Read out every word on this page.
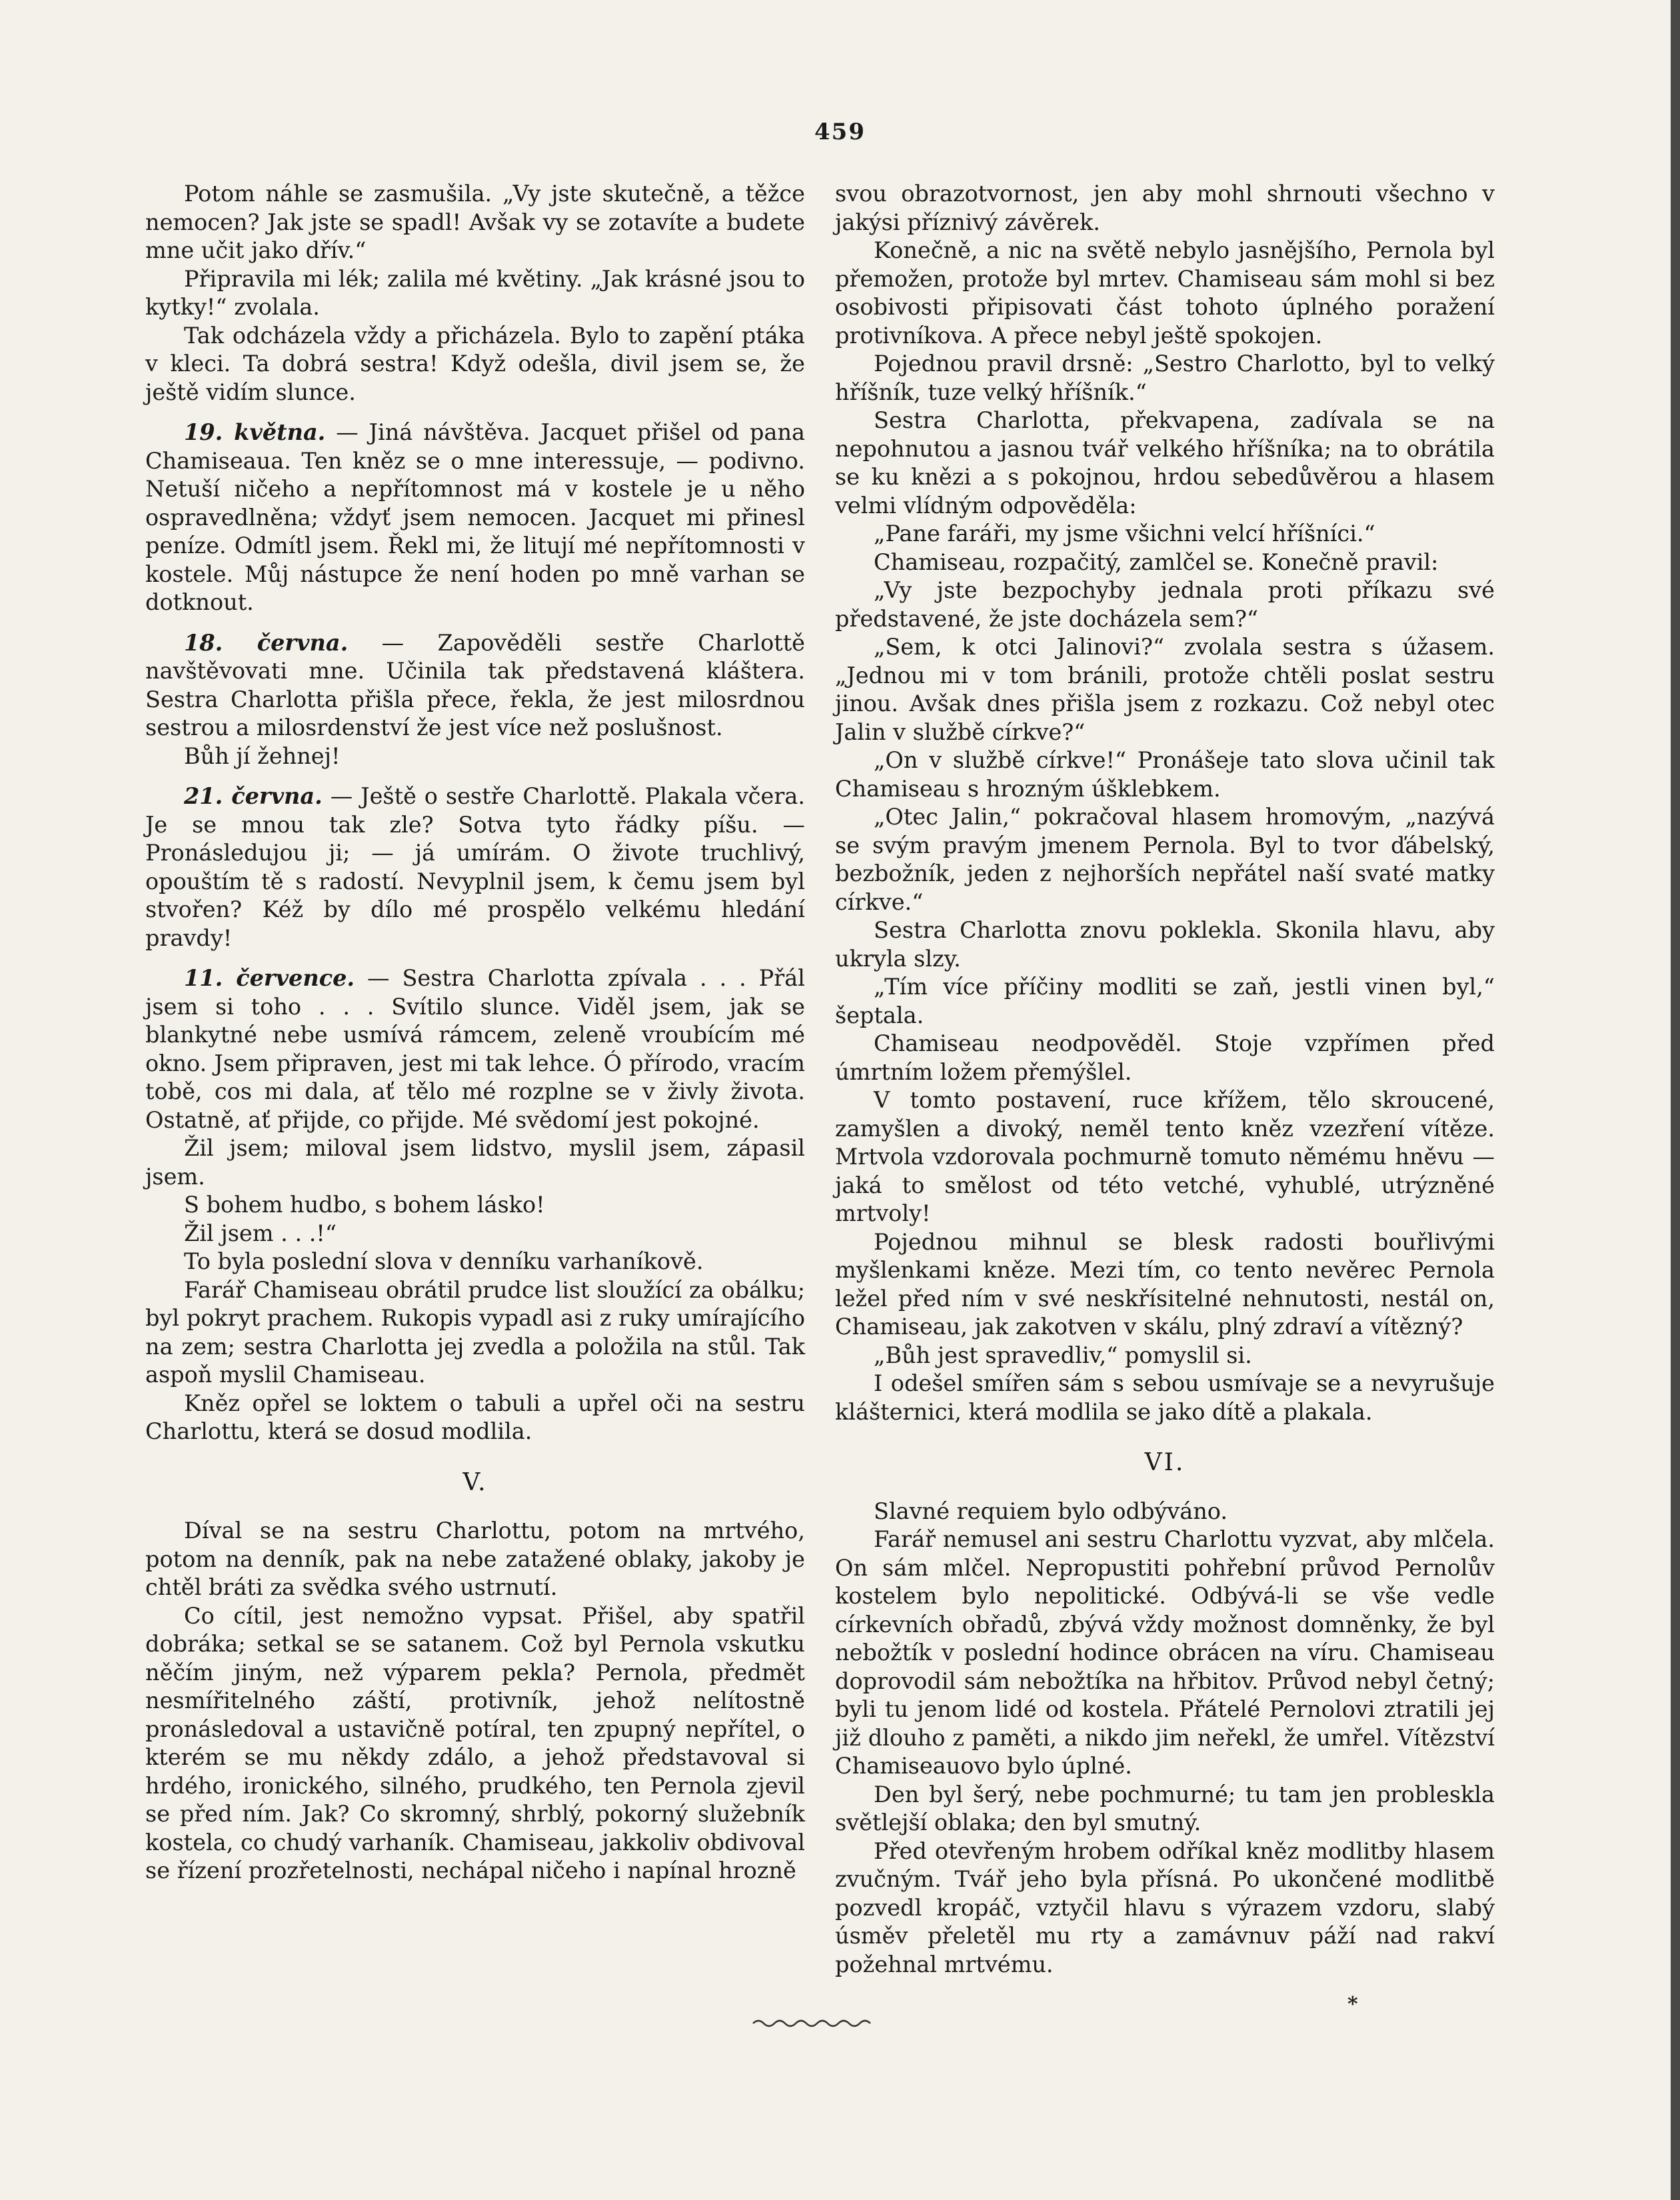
459

Potom náhle se zasmušila. „Vy jste skutečně, a těžce nemocen? Jak jste se spadl! Avšak vy se zotavíte a budete mne učit jako dřív.“

Připravila mi lék; zalila mé květiny. „Jak krásné jsou to kytky!“ zvolala.

Tak odcházela vždy a přicházela. Bylo to zapění ptáka v kleci. Ta dobrá sestra! Když odešla, divil jsem se, že ještě vidím slunce.

19. května. — Jiná návštěva. Jacquet přišel od pana Chamiseaua. Ten kněz se o mne interessuje, — podivno. Netuší ničeho a nepřítomnost má v kostele je u něho ospravedlněna; vždyť jsem nemocen. Jacquet mi přinesl peníze. Odmítl jsem. Řekl mi, že litují mé nepřítomnosti v kostele. Můj nástupce že není hoden po mně varhan se dotknout.

18. června. — Zapověděli sestře Charlottě navštěvovati mne. Učinila tak představená kláštera. Sestra Charlotta přišla přece, řekla, že jest milosrdnou sestrou a milosrdenství že jest více než poslušnost.

Bůh jí žehnej!

21. června. — Ještě o sestře Charlottě. Plakala včera. Je se mnou tak zle? Sotva tyto řádky píšu. — Pronásledujou ji; — já umírám. O živote truchlivý, opouštím tě s radostí. Nevyplnil jsem, k čemu jsem byl stvořen? Kéž by dílo mé prospělo velkému hledání pravdy!

11. července. — Sestra Charlotta zpívala . . . Přál jsem si toho . . . Svítilo slunce. Viděl jsem, jak se blankytné nebe usmívá rámcem, zeleně vroubícím mé okno. Jsem připraven, jest mi tak lehce. Ó přírodo, vracím tobě, cos mi dala, ať tělo mé rozplne se v živly života. Ostatně, ať přijde, co přijde. Mé svědomí jest pokojné.

Žil jsem; miloval jsem lidstvo, myslil jsem, zápasil jsem.

S bohem hudbo, s bohem lásko!

Žil jsem . . .!“

To byla poslední slova v denníku varhaníkově.

Farář Chamiseau obrátil prudce list sloužící za obálku; byl pokryt prachem. Rukopis vypadl asi z ruky umírajícího na zem; sestra Charlotta jej zvedla a položila na stůl. Tak aspoň myslil Chamiseau.

Kněz opřel se loktem o tabuli a upřel oči na sestru Charlottu, která se dosud modlila.

V.

Díval se na sestru Charlottu, potom na mrtvého, potom na denník, pak na nebe zatažené oblaky, jakoby je chtěl bráti za svědka svého ustrnutí.

Co cítil, jest nemožno vypsat. Přišel, aby spatřil dobráka; setkal se se satanem. Což byl Pernola vskutku něčím jiným, než výparem pekla? Pernola, předmět nesmířitelného záští, protivník, jehož nelítostně pronásledoval a ustavičně potíral, ten zpupný nepřítel, o kterém se mu někdy zdálo, a jehož představoval si hrdého, ironického, silného, prudkého, ten Pernola zjevil se před ním. Jak? Co skromný, shrblý, pokorný služebník kostela, co chudý varhaník. Chamiseau, jakkoliv obdivoval se řízení prozřetelnosti, nechápal ničeho i napínal hrozně

svou obrazotvornost, jen aby mohl shrnouti všechno v jakýsi příznivý závěrek.

Konečně, a nic na světě nebylo jasnějšího, Pernola byl přemožen, protože byl mrtev. Chamiseau sám mohl si bez osobivosti připisovati část tohoto úplného poražení protivníkova. A přece nebyl ještě spokojen.

Pojednou pravil drsně: „Sestro Charlotto, byl to velký hříšník, tuze velký hříšník.“

Sestra Charlotta, překvapena, zadívala se na nepohnutou a jasnou tvář velkého hříšníka; na to obrátila se ku knězi a s pokojnou, hrdou sebedůvěrou a hlasem velmi vlídným odpověděla:

„Pane faráři, my jsme všichni velcí hříšníci.“

Chamiseau, rozpačitý, zamlčel se. Konečně pravil:

„Vy jste bezpochyby jednala proti příkazu své představené, že jste docházela sem?“

„Sem, k otci Jalinovi?“ zvolala sestra s úžasem. „Jednou mi v tom bránili, protože chtěli poslat sestru jinou. Avšak dnes přišla jsem z rozkazu. Což nebyl otec Jalin v službě církve?“

„On v službě církve!“ Pronášeje tato slova učinil tak Chamiseau s hrozným úšklebkem.

„Otec Jalin,“ pokračoval hlasem hromovým, „nazývá se svým pravým jmenem Pernola. Byl to tvor ďábelský, bezbožník, jeden z nejhorších nepřátel naší svaté matky církve.“

Sestra Charlotta znovu poklekla. Skonila hlavu, aby ukryla slzy.

„Tím více příčiny modliti se zaň, jestli vinen byl,“ šeptala.

Chamiseau neodpověděl. Stoje vzpřímen před úmrtním ložem přemýšlel.

V tomto postavení, ruce křížem, tělo skroucené, zamyšlen a divoký, neměl tento kněz vzezření vítěze. Mrtvola vzdorovala pochmurně tomuto němému hněvu — jaká to smělost od této vetché, vyhublé, utrýzněné mrtvoly!

Pojednou mihnul se blesk radosti bouřlivými myšlenkami kněze. Mezi tím, co tento nevěrec Pernola ležel před ním v své neskřísitelné nehnutosti, nestál on, Chamiseau, jak zakotven v skálu, plný zdraví a vítězný?

„Bůh jest spravedliv,“ pomyslil si.

I odešel smířen sám s sebou usmívaje se a nevyrušuje klášternici, která modlila se jako dítě a plakala.

VI.

Slavné requiem bylo odbýváno.

Farář nemusel ani sestru Charlottu vyzvat, aby mlčela. On sám mlčel. Nepropustiti pohřební průvod Pernolův kostelem bylo nepolitické. Odbývá-li se vše vedle církevních obřadů, zbývá vždy možnost domněnky, že byl nebožtík v poslední hodince obrácen na víru. Chamiseau doprovodil sám nebožtíka na hřbitov. Průvod nebyl četný; byli tu jenom lidé od kostela. Přátelé Pernolovi ztratili jej již dlouho z paměti, a nikdo jim neřekl, že umřel. Vítězství Chamiseauovo bylo úplné.

Den byl šerý, nebe pochmurné; tu tam jen probleskla světlejší oblaka; den byl smutný.

Před otevřeným hrobem odříkal kněz modlitby hlasem zvučným. Tvář jeho byla přísná. Po ukončené modlitbě pozvedl kropáč, vztyčil hlavu s výrazem vzdoru, slabý úsměv přeletěl mu rty a zamávnuv páží nad rakví požehnal mrtvému.

*
